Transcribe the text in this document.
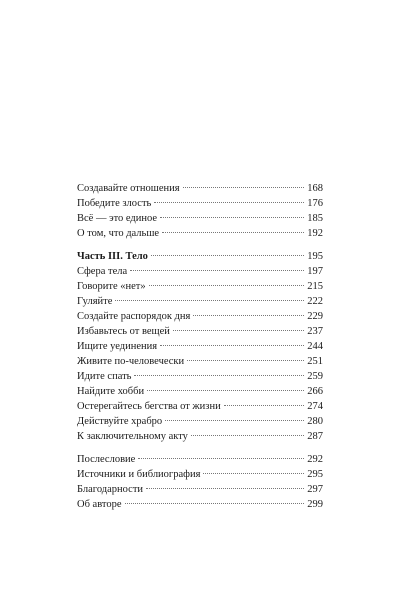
Создавайте отношения	168
Победите злость	176
Всё — это единое	185
О том, что дальше	192
Часть III. Тело	195
Сфера тела	197
Говорите «нет»	215
Гуляйте	222
Создайте распорядок дня	229
Избавьтесь от вещей	237
Ищите уединения	244
Живите по-человечески	251
Идите спать	259
Найдите хобби	266
Остерегайтесь бегства от жизни	274
Действуйте храбро	280
К заключительному акту	287
Послесловие	292
Источники и библиография	295
Благодарности	297
Об авторе	299
